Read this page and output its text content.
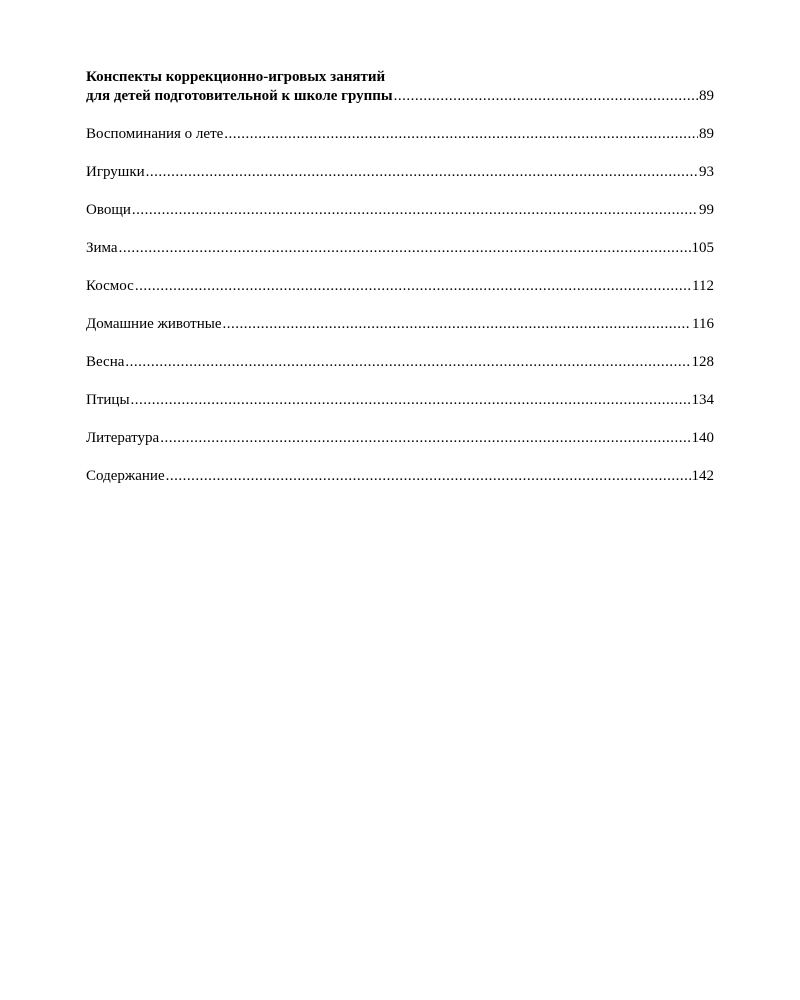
Конспекты коррекционно-игровых занятий
для детей подготовительной к школе группы .....	89
Воспоминания о лете .....	89
Игрушки .....	93
Овощи .....	99
Зима .....	105
Космос .....	112
Домашние животные .....	116
Весна .....	128
Птицы .....	134
Литература .....	140
Содержание .....	142
